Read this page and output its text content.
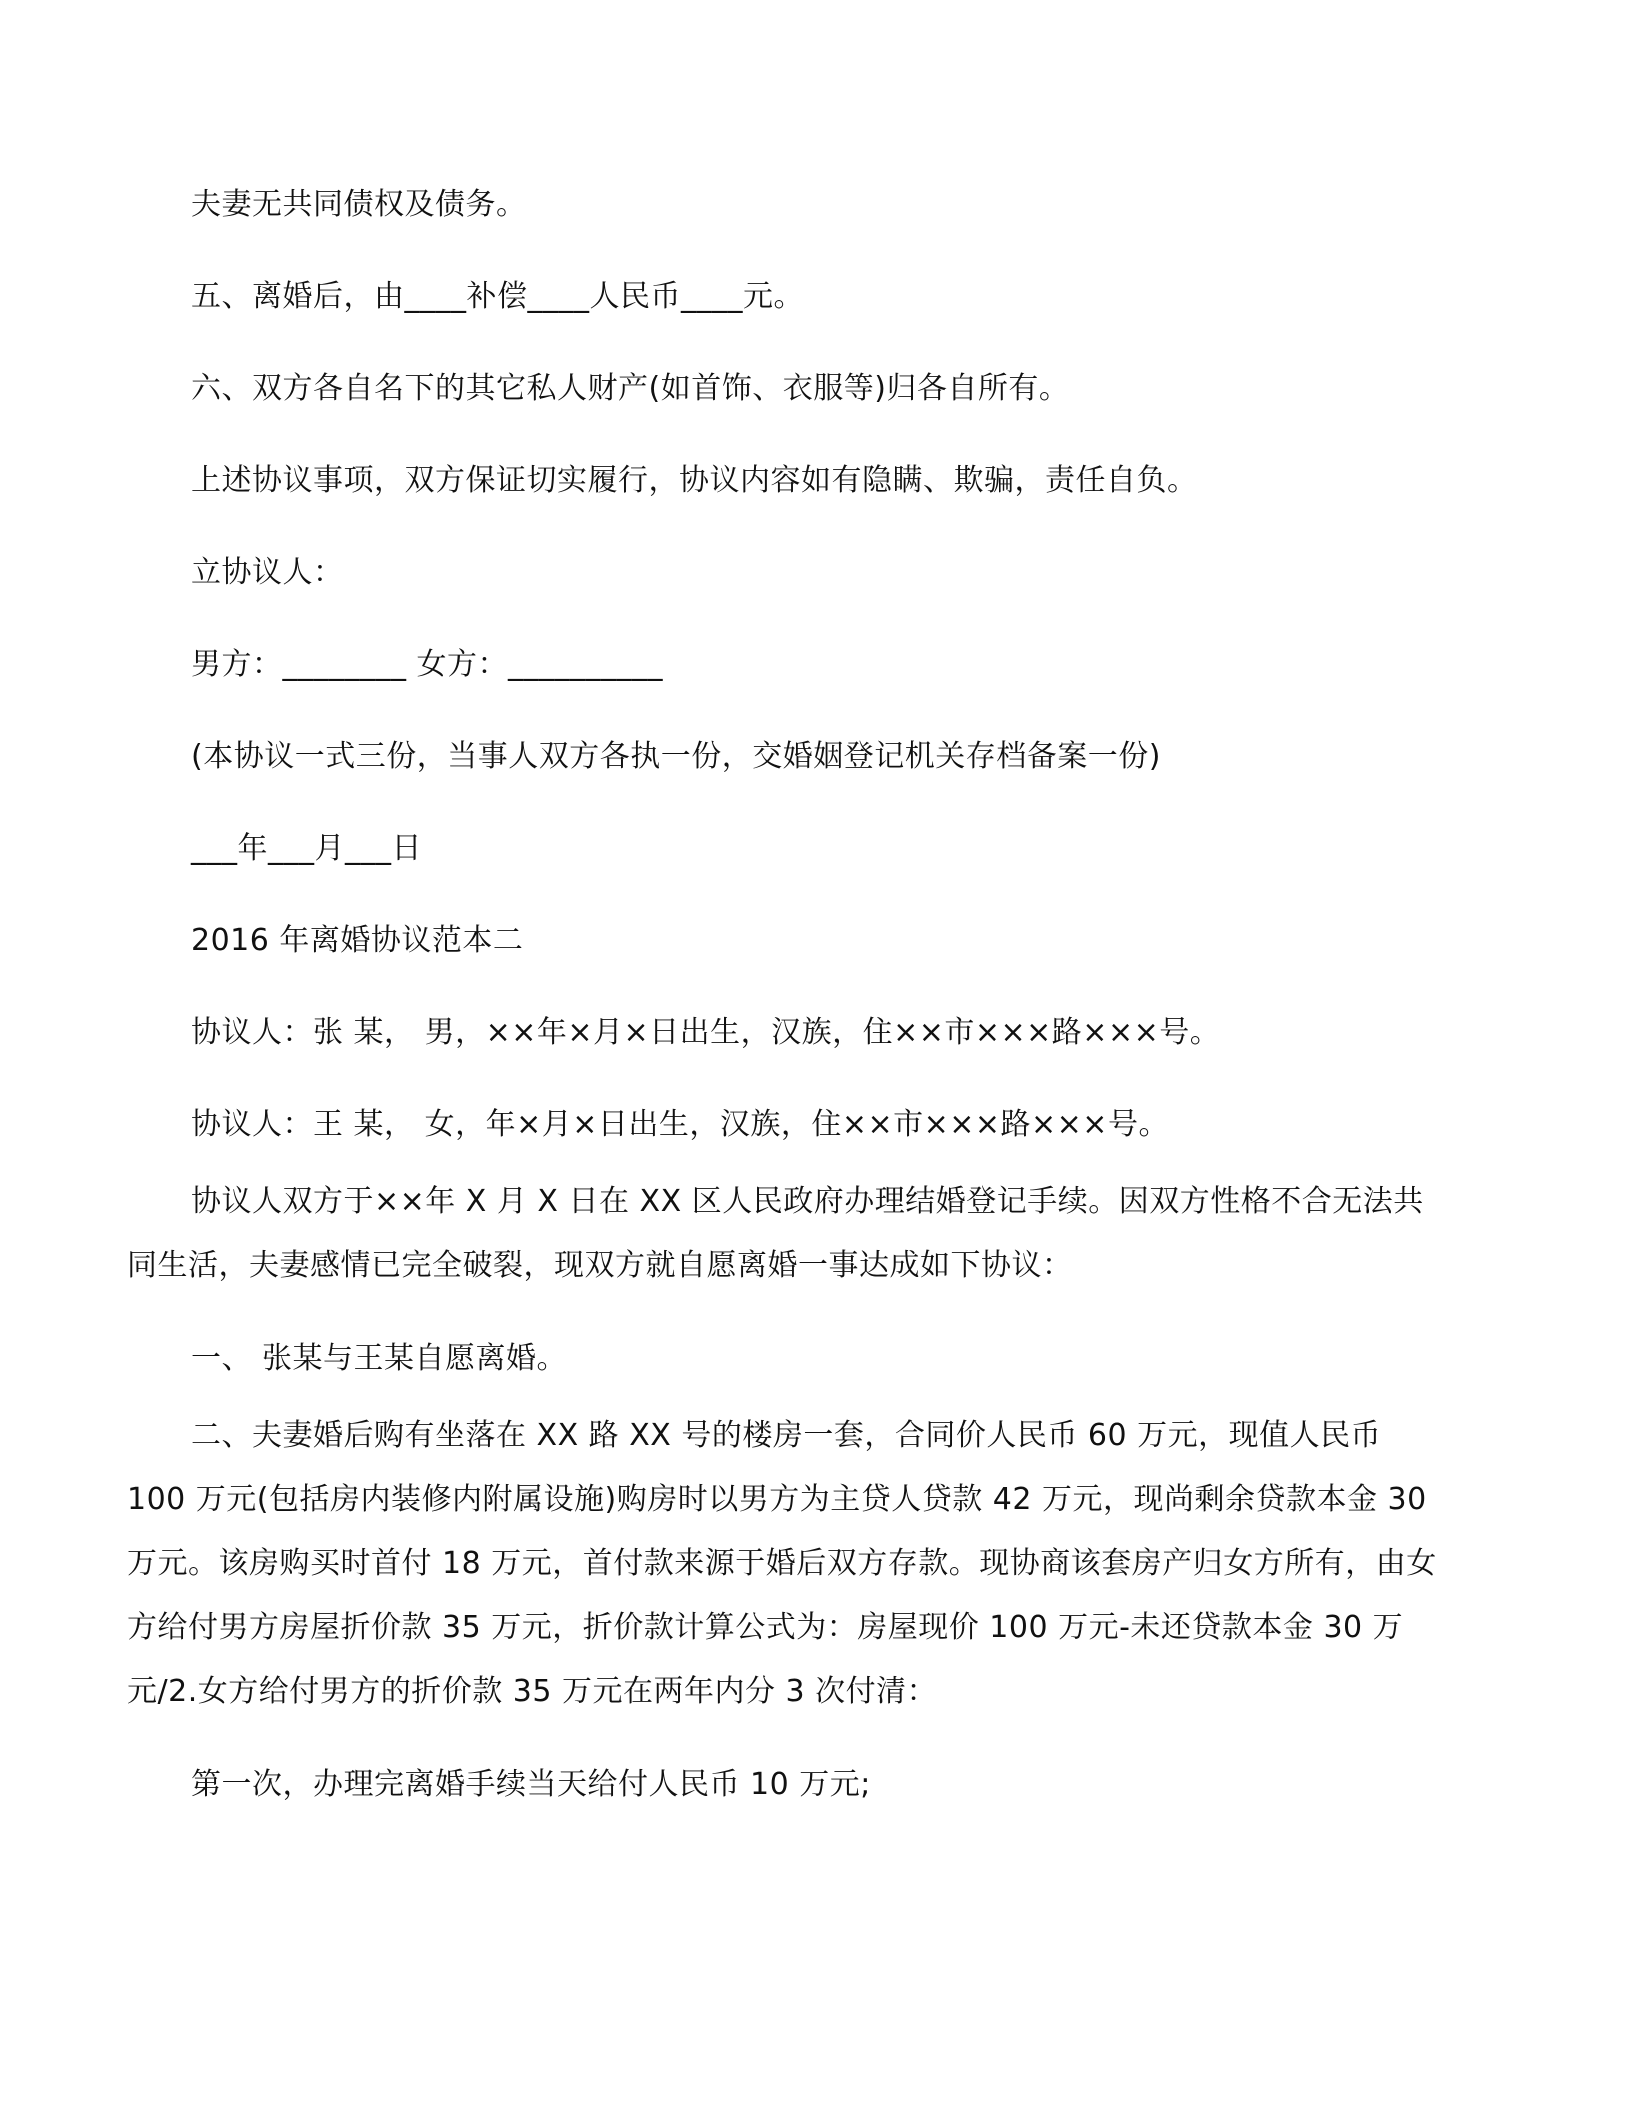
夫妻无共同债权及债务。

五、离婚后，由____补偿____人民币____元。

六、双方各自名下的其它私人财产(如首饰、衣服等)归各自所有。

上述协议事项，双方保证切实履行，协议内容如有隐瞒、欺骗，责任自负。

立协议人：

男方：________ 女方：__________

(本协议一式三份，当事人双方各执一份，交婚姻登记机关存档备案一份)

___年___月___日

2016 年离婚协议范本二

协议人：张 某， 男，××年×月×日出生，汉族，住××市×××路×××号。

协议人：王 某， 女，年×月×日出生，汉族，住××市×××路×××号。

协议人双方于××年 X 月 X 日在 XX 区人民政府办理结婚登记手续。因双方性格不合无法共同生活，夫妻感情已完全破裂，现双方就自愿离婚一事达成如下协议：

一、 张某与王某自愿离婚。

二、夫妻婚后购有坐落在 XX 路 XX 号的楼房一套，合同价人民币 60 万元，现值人民币 100 万元(包括房内装修内附属设施)购房时以男方为主贷人贷款 42 万元，现尚剩余贷款本金 30 万元。该房购买时首付 18 万元，首付款来源于婚后双方存款。现协商该套房产归女方所有，由女方给付男方房屋折价款 35 万元，折价款计算公式为：房屋现价 100 万元-未还贷款本金 30 万元/2.女方给付男方的折价款 35 万元在两年内分 3 次付清：

第一次，办理完离婚手续当天给付人民币 10 万元;
